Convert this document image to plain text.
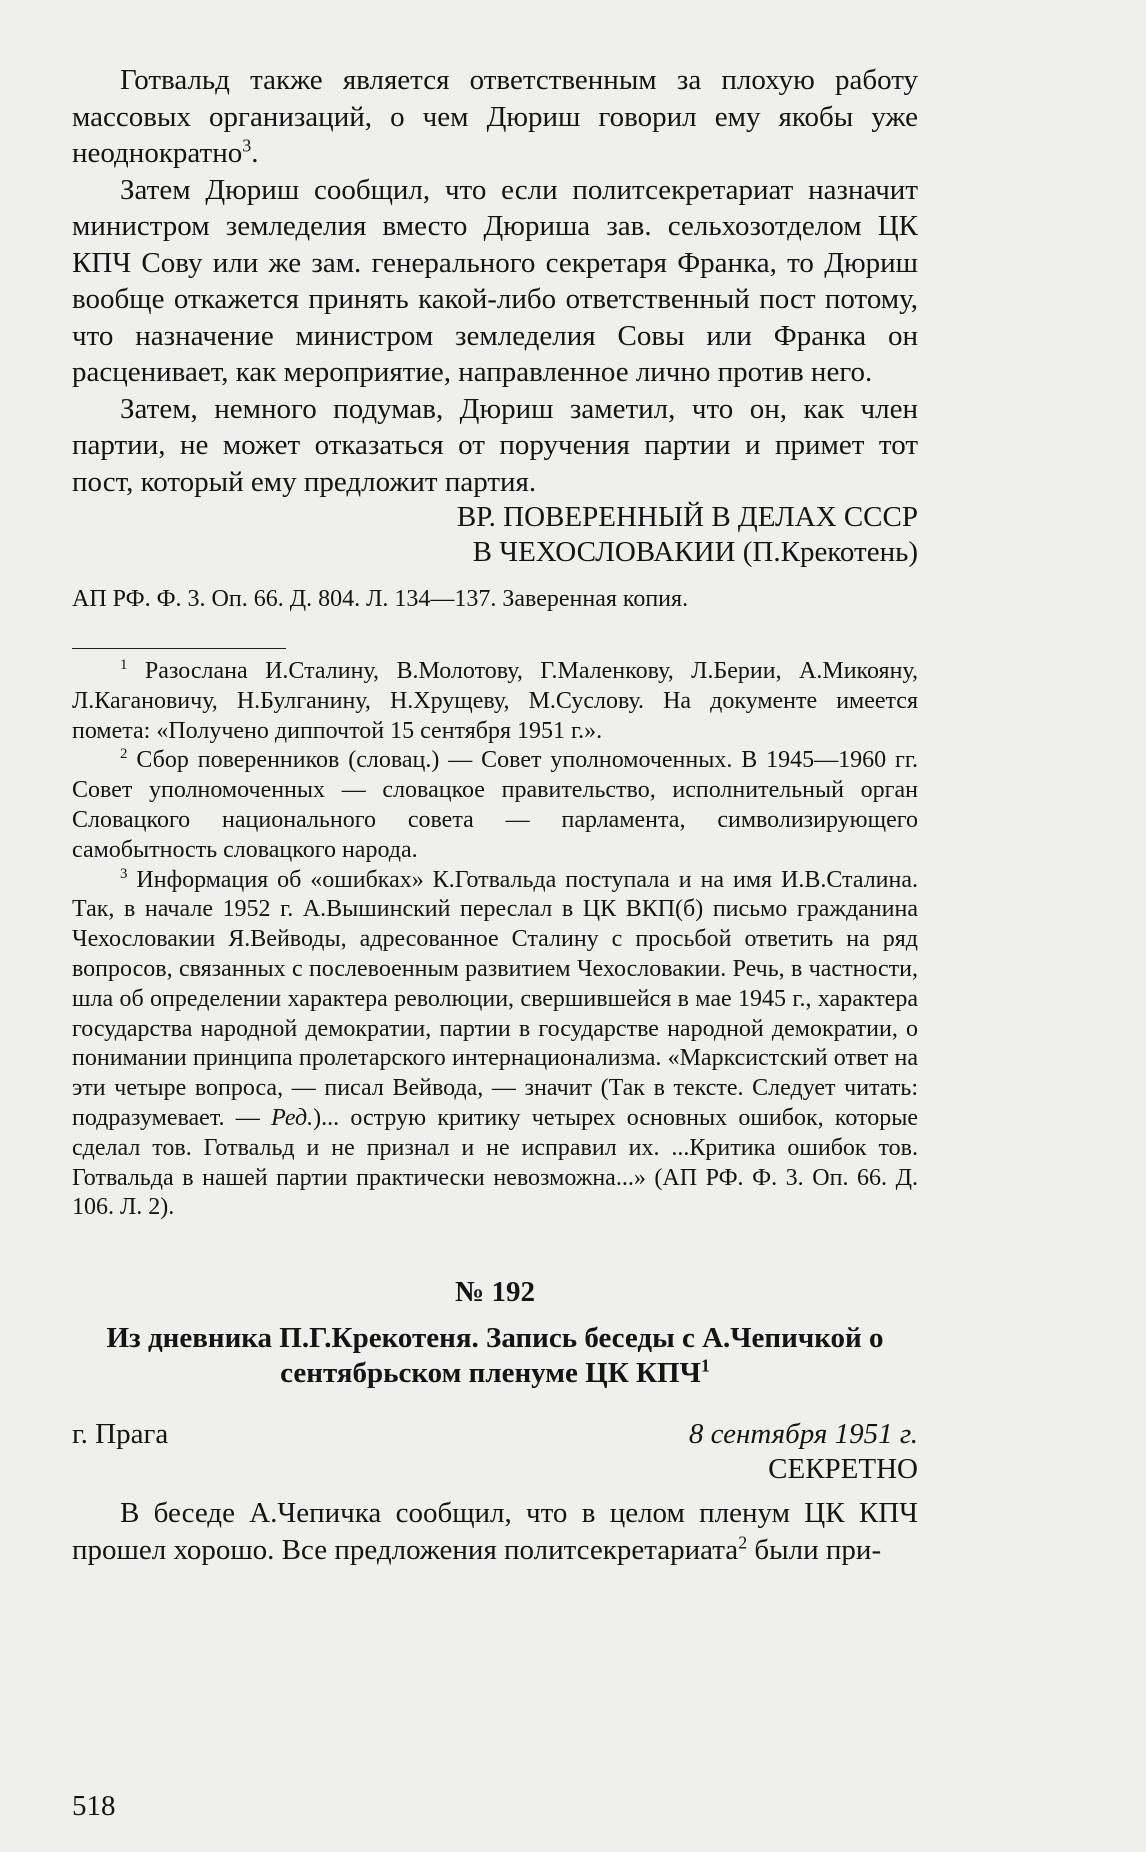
Готвальд также является ответственным за плохую работу массовых организаций, о чем Дюриш говорил ему якобы уже неоднократно$^3$.

Затем Дюриш сообщил, что если политсекретариат назначит министром земледелия вместо Дюриша зав. сельхозотделом ЦК КПЧ Сову или же зам. генерального секретаря Франка, то Дюриш вообще откажется принять какой-либо ответственный пост потому, что назначение министром земледелия Совы или Франка он расценивает, как мероприятие, направленное лично против него.

Затем, немного подумав, Дюриш заметил, что он, как член партии, не может отказаться от поручения партии и примет тот пост, который ему предложит партия.

ВР. ПОВЕРЕННЫЙ В ДЕЛАХ СССР
В ЧЕХОСЛОВАКИИ (П.Крекотень)
АП РФ. Ф. 3. Оп. 66. Д. 804. Л. 134—137. Заверенная копия.

$^1$ Разослана И.Сталину, В.Молотову, Г.Маленкову, Л.Берии, А.Микояну, Л.Кагановичу, Н.Булганину, Н.Хрущеву, М.Суслову. На документе имеется помета: «Получено диппочтой 15 сентября 1951 г.».

$^2$ Сбор поверенников (словац.) — Совет уполномоченных. В 1945—1960 гг. Совет уполномоченных — словацкое правительство, исполнительный орган Словацкого национального совета — парламента, символизирующего самобытность словацкого народа.

$^3$ Информация об «ошибках» К.Готвальда поступала и на имя И.В.Сталина. Так, в начале 1952 г. А.Вышинский переслал в ЦК ВКП(б) письмо гражданина Чехословакии Я.Вейводы, адресованное Сталину с просьбой ответить на ряд вопросов, связанных с послевоенным развитием Чехословакии. Речь, в частности, шла об определении характера революции, свершившейся в мае 1945 г., характера государства народной демократии, партии в государстве народной демократии, о понимании принципа пролетарского интернационализма. «Марксистский ответ на эти четыре вопроса, — писал Вейвода, — значит (Так в тексте. Следует читать: подразумевает. — Ред.)... острую критику четырех основных ошибок, которые сделал тов. Готвальд и не признал и не исправил их. ...Критика ошибок тов. Готвальда в нашей партии практически невозможна...» (АП РФ. Ф. 3. Оп. 66. Д. 106. Л. 2).

№ 192
Из дневника П.Г.Крекотеня. Запись беседы с А.Чепичкой о сентябрьском пленуме ЦК КПЧ$^1$
г. Прага	8 сентября 1951 г.
СЕКРЕТНО

В беседе А.Чепичка сообщил, что в целом пленум ЦК КПЧ прошел хорошо. Все предложения политсекретариата$^2$ были при-

518
